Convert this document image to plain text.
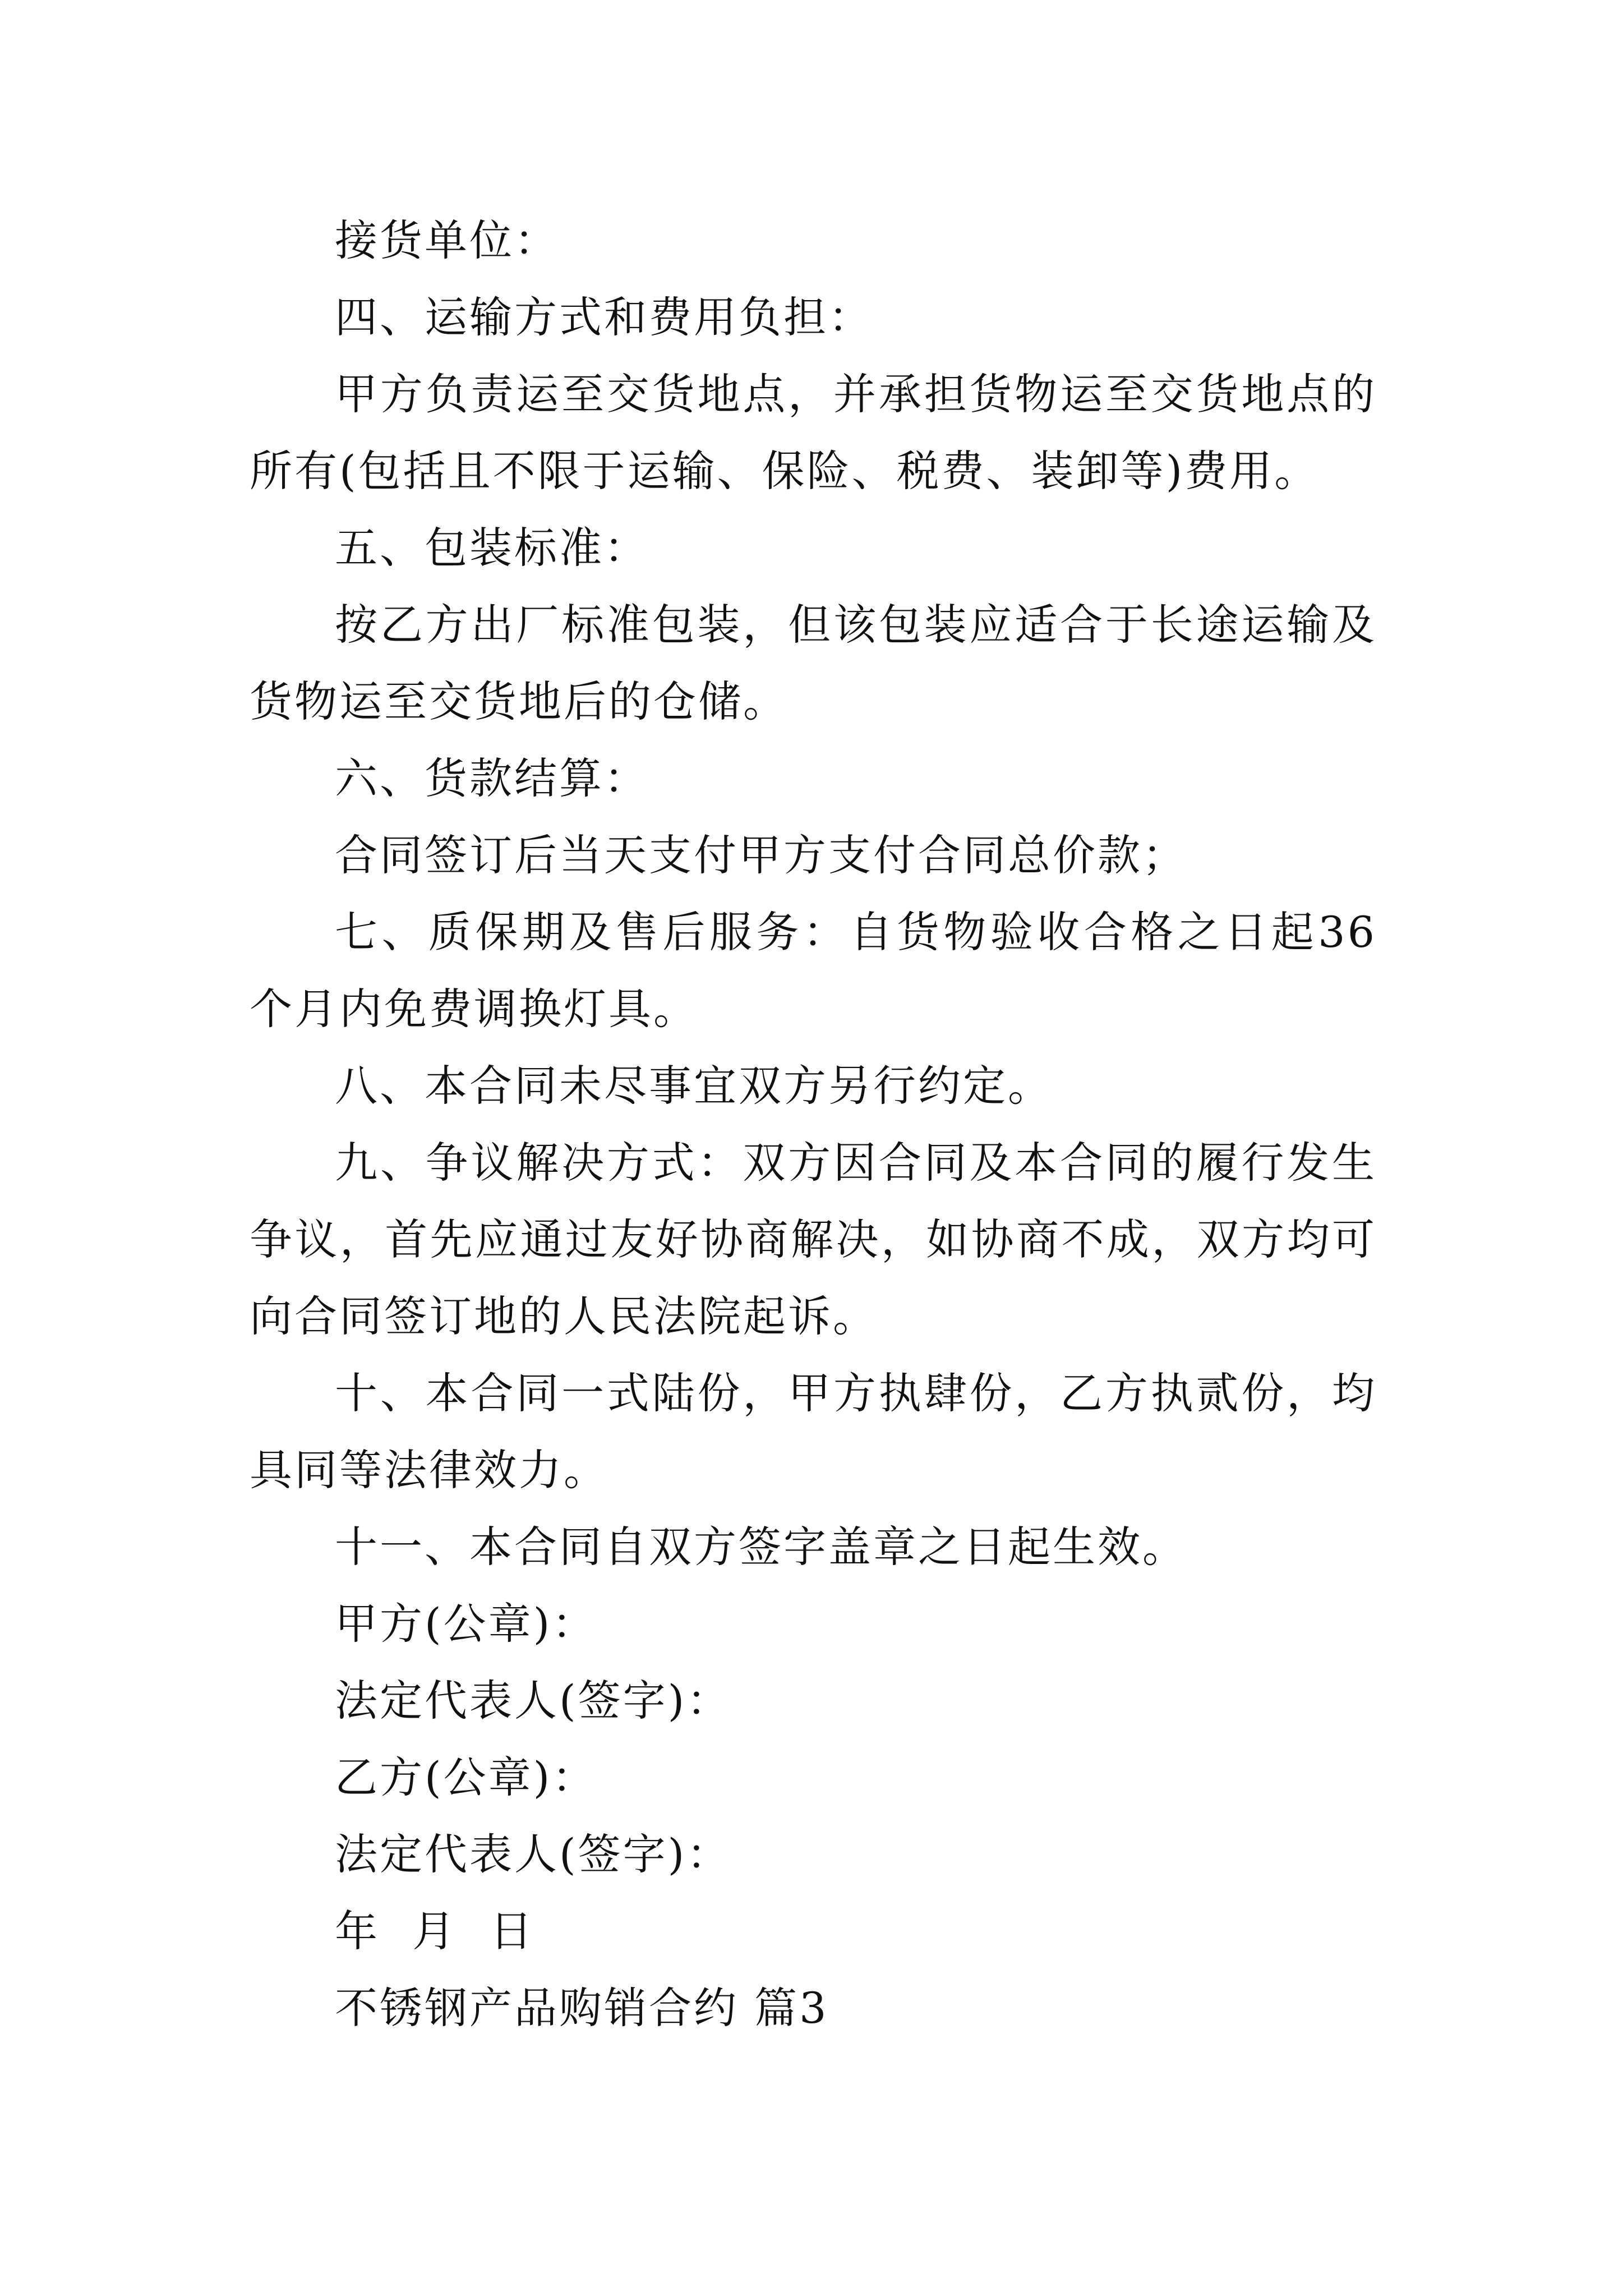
接货单位：

四、运输方式和费用负担：

甲方负责运至交货地点，并承担货物运至交货地点的所有(包括且不限于运输、保险、税费、装卸等)费用。

五、包装标准：

按乙方出厂标准包装，但该包装应适合于长途运输及货物运至交货地后的仓储。

六、货款结算：

合同签订后当天支付甲方支付合同总价款；

七、质保期及售后服务：自货物验收合格之日起36个月内免费调换灯具。

八、本合同未尽事宜双方另行约定。

九、争议解决方式：双方因合同及本合同的履行发生争议，首先应通过友好协商解决，如协商不成，双方均可向合同签订地的人民法院起诉。

十、本合同一式陆份，甲方执肆份，乙方执贰份，均具同等法律效力。

十一、本合同自双方签字盖章之日起生效。

甲方(公章)：

法定代表人(签字)：

乙方(公章)：

法定代表人(签字)：

年 月 日

不锈钢产品购销合约 篇3
